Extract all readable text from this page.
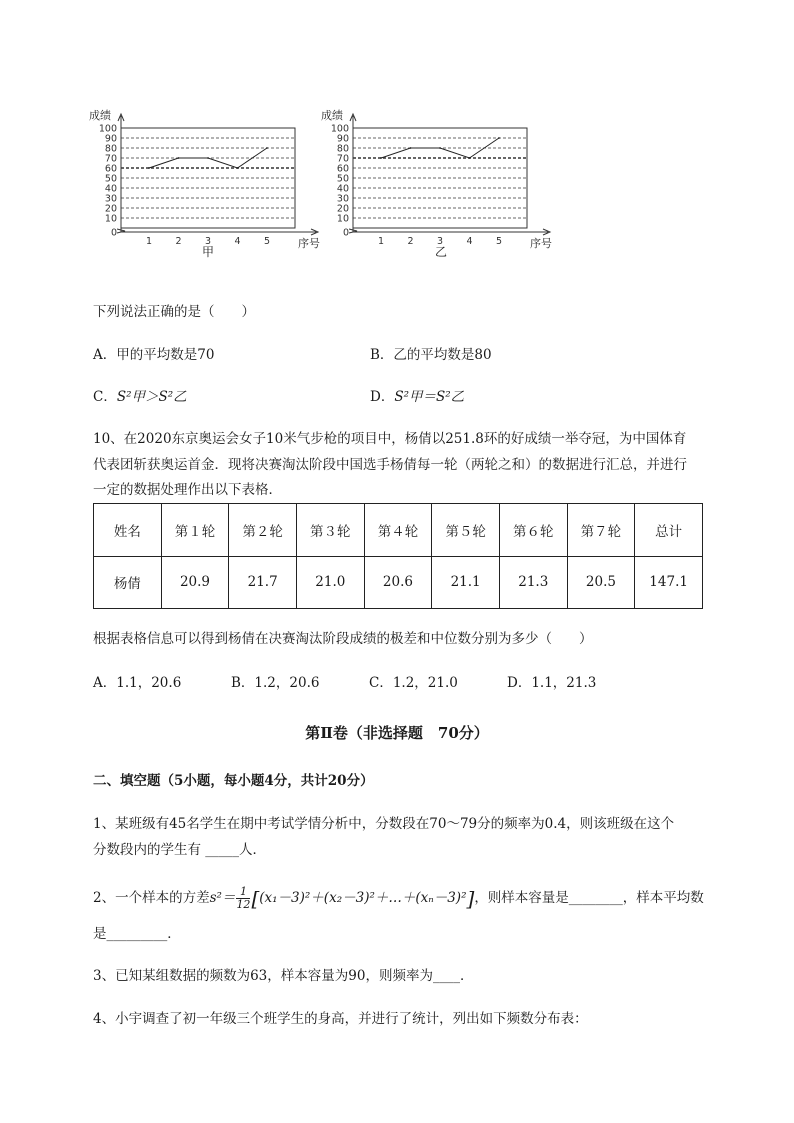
100
90
80
70
60
50
40
30
20
10
0
1 2 3 4 5
成绩
序号
甲
100
90
80
70
60
50
40
30
20
10
0
1 2 3 4 5
成绩
序号
乙
下列说法正确的是（　　）
A．甲的平均数是70	B．乙的平均数是80
C．S²甲＞S²乙	D．S²甲＝S²乙
10、在2020东京奥运会女子10米气步枪的项目中，杨倩以251.8环的好成绩一举夺冠，为中国体育
代表团斩获奥运首金．现将决赛淘汰阶段中国选手杨倩每一轮（两轮之和）的数据进行汇总，并进行
一定的数据处理作出以下表格．
姓名	第１轮	第２轮	第３轮	第４轮	第５轮	第６轮	第７轮	总计
杨倩	20.9	21.7	21.0	20.6	21.1	21.3	20.5	147.1
根据表格信息可以得到杨倩在决赛淘汰阶段成绩的极差和中位数分别为多少（　　）
A．1.1，20.6	B．1.2，20.6	C．1.2，21.0	D．1.1，21.3
第Ⅱ卷（非选择题　70分）
二、填空题（5小题，每小题4分，共计20分）
1、某班级有45名学生在期中考试学情分析中，分数段在70～79分的频率为0.4，则该班级在这个
分数段内的学生有 _____人．
2、一个样本的方差$s^2= \frac{1}{12}$ [(x₁－3)²＋(x₂－3)²＋…＋(xₙ－3)²]，则样本容量是________，样本平均数
是_________．
3、已知某组数据的频数为63，样本容量为90，则频率为____．
4、小宇调查了初一年级三个班学生的身高，并进行了统计，列出如下频数分布表：
